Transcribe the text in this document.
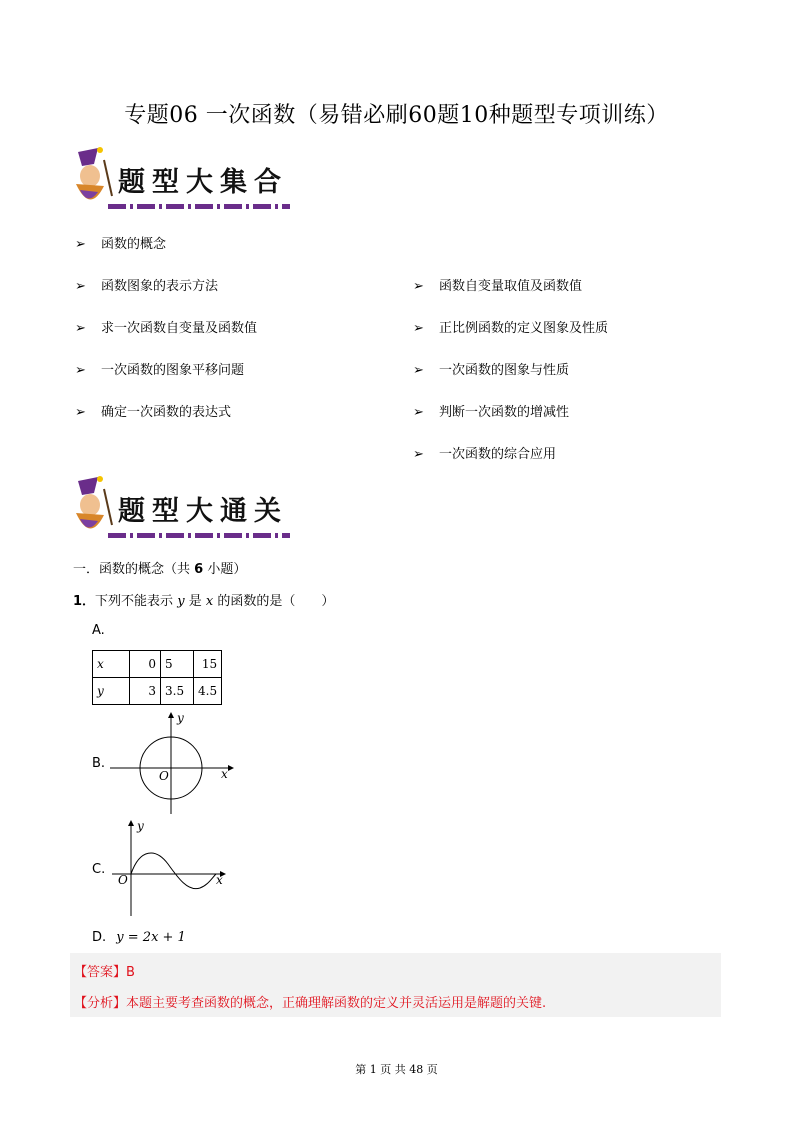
专题06 一次函数（易错必刷60题10种题型专项训练）
题型大集合
➢ 函数的概念
➢ 函数图象的表示方法
➢ 求一次函数自变量及函数值
➢ 一次函数的图象平移问题
➢ 确定一次函数的表达式
➢ 函数自变量取值及函数值
➢ 正比例函数的定义图象及性质
➢ 一次函数的图象与性质
➢ 判断一次函数的增减性
➢ 一次函数的综合应用
题型大通关
一．函数的概念（共 6 小题）
1．下列不能表示 y 是 x 的函数的是（　　）
A.
x	0	5	15
y	3	3.5	4.5
B.
x
y
O
C.
x
y
O
D. y = 2x + 1
【答案】B
【分析】本题主要考查函数的概念，正确理解函数的定义并灵活运用是解题的关键.
第 1 页 共 48 页
